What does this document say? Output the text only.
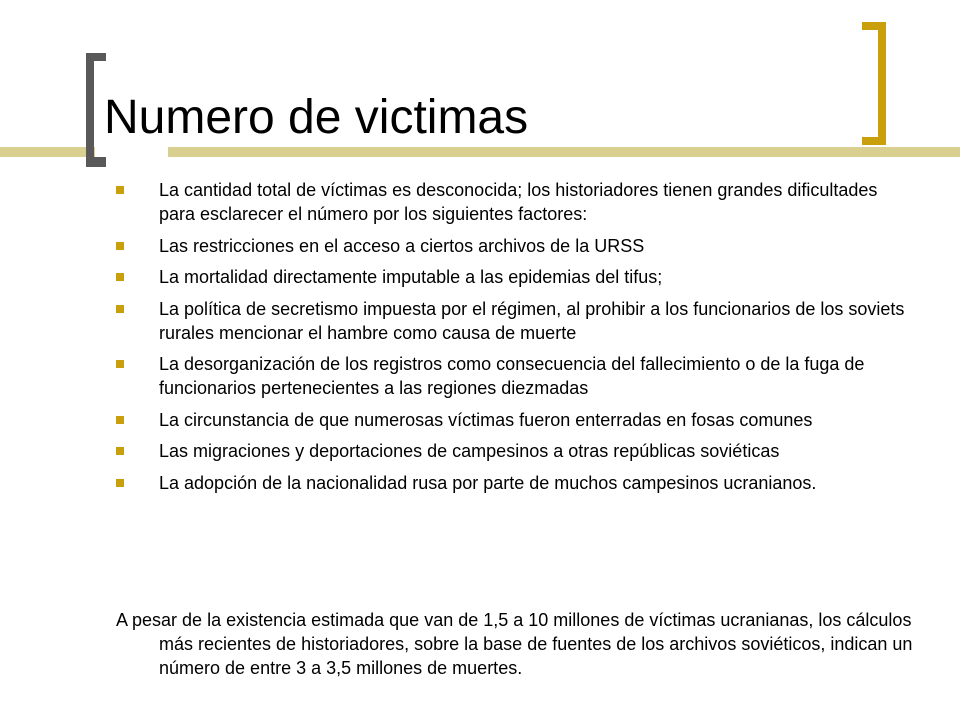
Numero de victimas
La cantidad total de víctimas es desconocida; los historiadores tienen grandes dificultades para esclarecer el número por los siguientes factores:
Las restricciones en el acceso a ciertos archivos de la URSS
La mortalidad directamente imputable a las epidemias del tifus;
La política de secretismo impuesta por el régimen, al prohibir a los funcionarios de los soviets rurales mencionar el hambre como causa de muerte
La desorganización de los registros como consecuencia del fallecimiento o de la fuga de funcionarios pertenecientes a las regiones diezmadas
La circunstancia de que numerosas víctimas fueron enterradas en fosas comunes
Las migraciones y deportaciones de campesinos a otras repúblicas soviéticas
La adopción de la nacionalidad rusa por parte de muchos campesinos ucranianos.

A pesar de la existencia estimada que van de 1,5 a 10 millones de víctimas ucranianas, los cálculos más recientes de historiadores, sobre la base de fuentes de los archivos soviéticos, indican un número de entre 3 a 3,5 millones de muertes.
